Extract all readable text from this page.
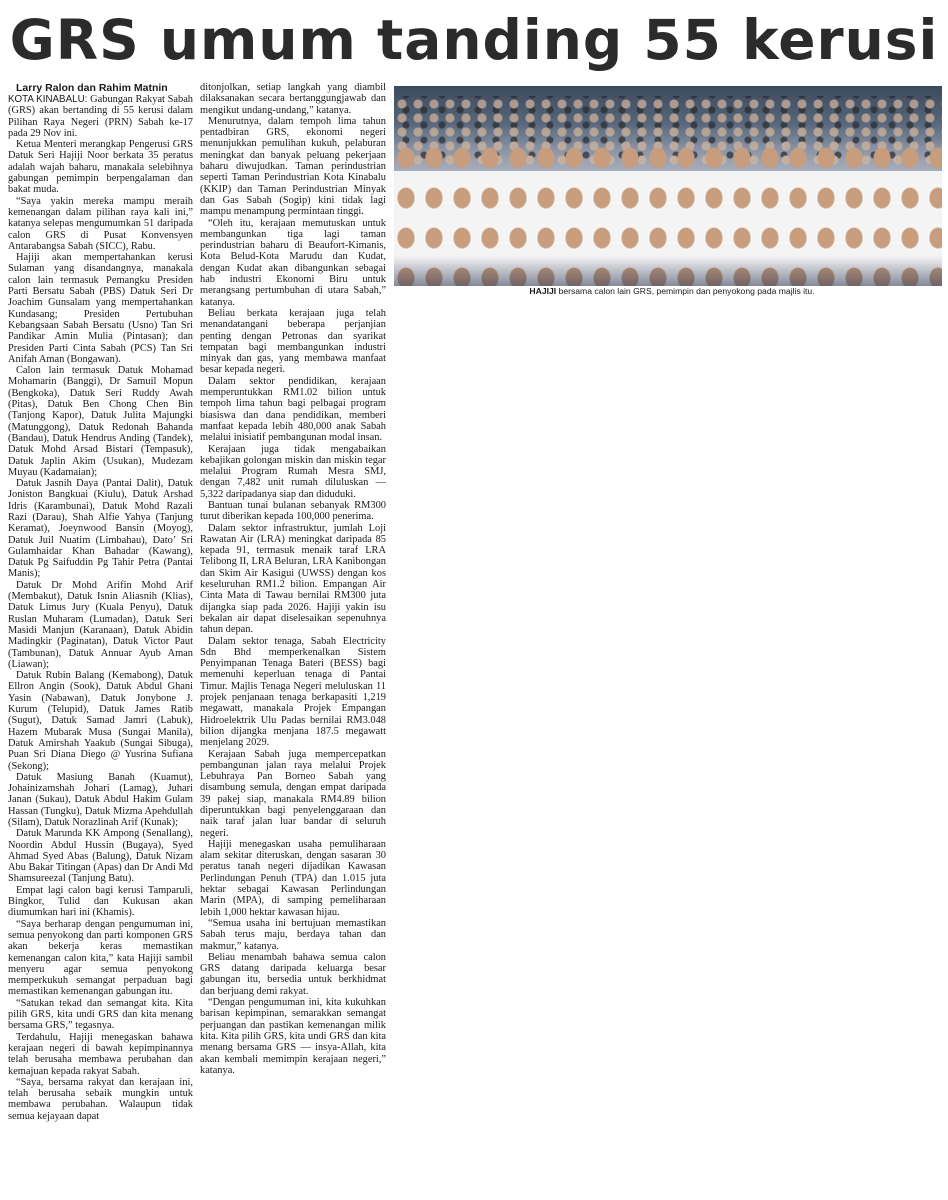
GRS umum tanding 55 kerusi

Larry Ralon dan Rahim Matnin

KOTA KINABALU: Gabungan Rakyat Sabah (GRS) akan bertanding di 55 kerusi dalam Pilihan Raya Negeri (PRN) Sabah ke-17 pada 29 Nov ini.

Ketua Menteri merangkap Pengerusi GRS Datuk Seri Hajiji Noor berkata 35 peratus adalah wajah baharu, manakala selebihnya gabungan pemimpin berpengalaman dan bakat muda.

“Saya yakin mereka mampu meraih kemenangan dalam pilihan raya kali ini,” katanya selepas mengumumkan 51 daripada calon GRS di Pusat Konvensyen Antarabangsa Sabah (SICC), Rabu.

Hajiji akan mempertahankan kerusi Sulaman yang disandangnya, manakala calon lain termasuk Pemangku Presiden Parti Bersatu Sabah (PBS) Datuk Seri Dr Joachim Gunsalam yang mempertahankan Kundasang; Presiden Pertubuhan Kebangsaan Sabah Bersatu (Usno) Tan Sri Pandikar Amin Mulia (Pintasan); dan Presiden Parti Cinta Sabah (PCS) Tan Sri Anifah Aman (Bongawan).

Calon lain termasuk Datuk Mohamad Mohamarin (Banggi), Dr Samuil Mopun (Bengkoka), Datuk Seri Ruddy Awah (Pitas), Datuk Ben Chong Chen Bin (Tanjong Kapor), Datuk Julita Majungki (Matunggong), Datuk Redonah Bahanda (Bandau), Datuk Hendrus Anding (Tandek), Datuk Mohd Arsad Bistari (Tempasuk), Datuk Japlin Akim (Usukan), Mudezam Muyau (Kadamaian);

Datuk Jasnih Daya (Pantai Dalit), Datuk Joniston Bangkuai (Kiulu), Datuk Arshad Idris (Karambunai), Datuk Mohd Razali Razi (Darau), Shah Alfie Yahya (Tanjung Keramat), Joeynwood Bansin (Moyog), Datuk Juil Nuatim (Limbahau), Dato’ Sri Gulamhaidar Khan Bahadar (Kawang), Datuk Pg Saifuddin Pg Tahir Petra (Pantai Manis);

Datuk Dr Mohd Arifin Mohd Arif (Membakut), Datuk Isnin Aliasnih (Klias), Datuk Limus Jury (Kuala Penyu), Datuk Ruslan Muharam (Lumadan), Datuk Seri Masidi Manjun (Karanaan), Datuk Abidin Madingkir (Paginatan), Datuk Victor Paut (Tambunan), Datuk Annuar Ayub Aman (Liawan);

Datuk Rubin Balang (Kemabong), Datuk Ellron Angin (Sook), Datuk Abdul Ghani Yasin (Nabawan), Datuk Jonybone J. Kurum (Telupid), Datuk James Ratib (Sugut), Datuk Samad Jamri (Labuk), Hazem Mubarak Musa (Sungai Manila), Datuk Amirshah Yaakub (Sungai Sibuga), Puan Sri Diana Diego @ Yusrina Sufiana (Sekong);

Datuk Masiung Banah (Kuamut), Johainizamshah Johari (Lamag), Juhari Janan (Sukau), Datuk Abdul Hakim Gulam Hassan (Tungku), Datuk Mizma Apehdullah (Silam), Datuk Norazlinah Arif (Kunak);

Datuk Marunda KK Ampong (Senallang), Noordin Abdul Hussin (Bugaya), Syed Ahmad Syed Abas (Balung), Datuk Nizam Abu Bakar Titingan (Apas) dan Dr Andi Md Shamsureezal (Tanjung Batu).

Empat lagi calon bagi kerusi Tamparuli, Bingkor, Tulid dan Kukusan akan diumumkan hari ini (Khamis).

“Saya berharap dengan pengumuman ini, semua penyokong dan parti komponen GRS akan bekerja keras memastikan kemenangan calon kita,” kata Hajiji sambil menyeru agar semua penyokong memperkukuh semangat perpaduan bagi memastikan kemenangan gabungan itu.

“Satukan tekad dan semangat kita. Kita pilih GRS, kita undi GRS dan kita menang bersama GRS,” tegasnya.

Terdahulu, Hajiji menegaskan bahawa kerajaan negeri di bawah kepimpinannya telah berusaha membawa perubahan dan kemajuan kepada rakyat Sabah.

“Saya, bersama rakyat dan kerajaan ini, telah berusaha sebaik mungkin untuk membawa perubahan. Walaupun tidak semua kejayaan dapat

ditonjolkan, setiap langkah yang diambil dilaksanakan secara bertanggungjawab dan mengikut undang-undang,” katanya.

Menurutnya, dalam tempoh lima tahun pentadbiran GRS, ekonomi negeri menunjukkan pemulihan kukuh, pelaburan meningkat dan banyak peluang pekerjaan baharu diwujudkan. Taman perindustrian seperti Taman Perindustrian Kota Kinabalu (KKIP) dan Taman Perindustrian Minyak dan Gas Sabah (Sogip) kini tidak lagi mampu menampung permintaan tinggi.

“Oleh itu, kerajaan memutuskan untuk membangunkan tiga lagi taman perindustrian baharu di Beaufort-Kimanis, Kota Belud-Kota Marudu dan Kudat, dengan Kudat akan dibangunkan sebagai hab industri Ekonomi Biru untuk merangsang pertumbuhan di utara Sabah,” katanya.

Beliau berkata kerajaan juga telah menandatangani beberapa perjanjian penting dengan Petronas dan syarikat tempatan bagi membangunkan industri minyak dan gas, yang membawa manfaat besar kepada negeri.

Dalam sektor pendidikan, kerajaan memperuntukkan RM1.02 bilion untuk tempoh lima tahun bagi pelbagai program biasiswa dan dana pendidikan, memberi manfaat kepada lebih 480,000 anak Sabah melalui inisiatif pembangunan modal insan.

Kerajaan juga tidak mengabaikan kebajikan golongan miskin dan miskin tegar melalui Program Rumah Mesra SMJ, dengan 7,482 unit rumah diluluskan — 5,322 daripadanya siap dan diduduki.

Bantuan tunai bulanan sebanyak RM300 turut diberikan kepada 100,000 penerima.

Dalam sektor infrastruktur, jumlah Loji Rawatan Air (LRA) meningkat daripada 85 kepada 91, termasuk menaik taraf LRA Telibong II, LRA Beluran, LRA Kanibongan dan Skim Air Kasigui (UWSS) dengan kos keseluruhan RM1.2 bilion. Empangan Air Cinta Mata di Tawau bernilai RM300 juta dijangka siap pada 2026. Hajiji yakin isu bekalan air dapat diselesaikan sepenuhnya tahun depan.

Dalam sektor tenaga, Sabah Electricity Sdn Bhd memperkenalkan Sistem Penyimpanan Tenaga Bateri (BESS) bagi memenuhi keperluan tenaga di Pantai Timur. Majlis Tenaga Negeri meluluskan 11 projek penjanaan tenaga berkapasiti 1,219 megawatt, manakala Projek Empangan Hidroelektrik Ulu Padas bernilai RM3.048 bilion dijangka menjana 187.5 megawatt menjelang 2029.

Kerajaan Sabah juga mempercepatkan pembangunan jalan raya melalui Projek Lebuhraya Pan Borneo Sabah yang disambung semula, dengan empat daripada 39 pakej siap, manakala RM4.89 bilion diperuntukkan bagi penyelenggaraan dan naik taraf jalan luar bandar di seluruh negeri.

Hajiji menegaskan usaha pemuliharaan alam sekitar diteruskan, dengan sasaran 30 peratus tanah negeri dijadikan Kawasan Perlindungan Penuh (TPA) dan 1.015 juta hektar sebagai Kawasan Perlindungan Marin (MPA), di samping pemeliharaan lebih 1,000 hektar kawasan hijau.

“Semua usaha ini bertujuan memastikan Sabah terus maju, berdaya tahan dan makmur,” katanya.

Beliau menambah bahawa semua calon GRS datang daripada keluarga besar gabungan itu, bersedia untuk berkhidmat dan berjuang demi rakyat.

“Dengan pengumuman ini, kita kukuhkan barisan kepimpinan, semarakkan semangat perjuangan dan pastikan kemenangan milik kita. Kita pilih GRS, kita undi GRS dan kita menang bersama GRS — insya-Allah, kita akan kembali memimpin kerajaan negeri,” katanya.

HAJIJI bersama calon lain GRS, pemimpin dan penyokong pada majlis itu.
